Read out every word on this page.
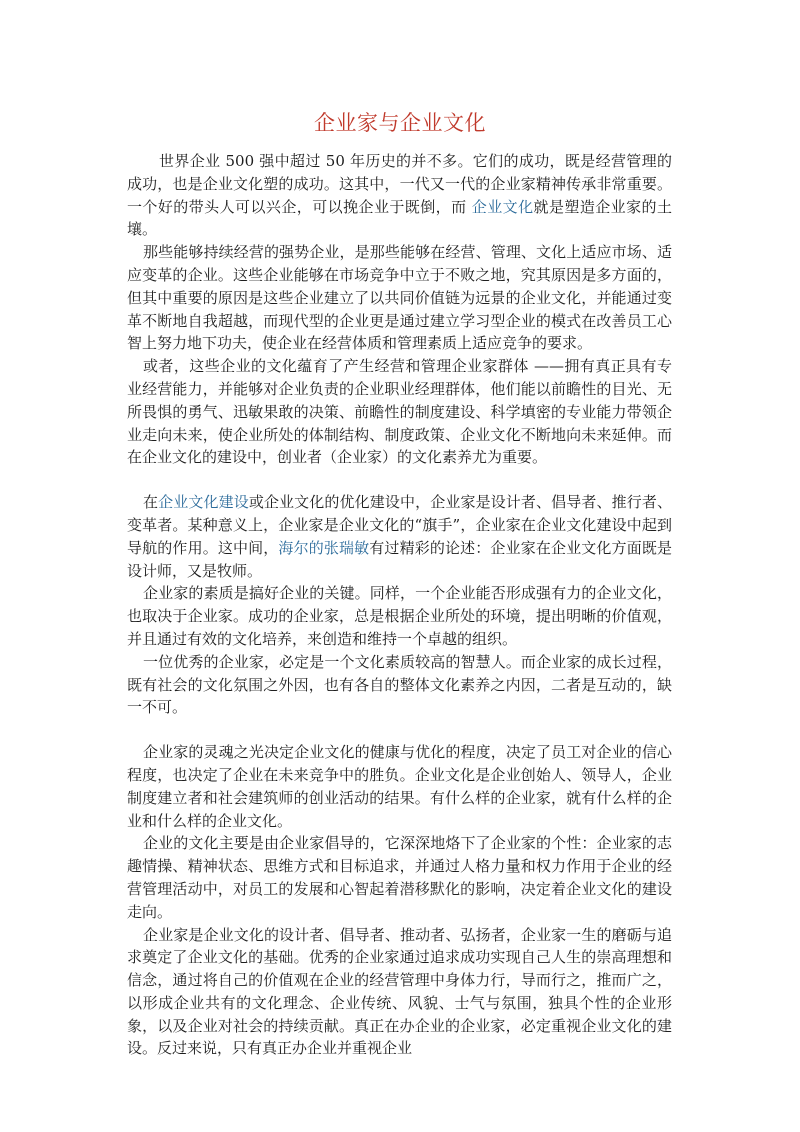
企业家与企业文化

世界企业 500 强中超过 50 年历史的并不多。它们的成功，既是经营管理的成功，也是企业文化塑的成功。这其中，一代又一代的企业家精神传承非常重要。一个好的带头人可以兴企，可以挽企业于既倒，而 企业文化就是塑造企业家的土壤。

那些能够持续经营的强势企业，是那些能够在经营、管理、文化上适应市场、适应变革的企业。这些企业能够在市场竞争中立于不败之地，究其原因是多方面的，但其中重要的原因是这些企业建立了以共同价值链为远景的企业文化，并能通过变革不断地自我超越，而现代型的企业更是通过建立学习型企业的模式在改善员工心智上努力地下功夫，使企业在经营体质和管理素质上适应竞争的要求。

或者，这些企业的文化蕴育了产生经营和管理企业家群体 ——拥有真正具有专业经营能力，并能够对企业负责的企业职业经理群体，他们能以前瞻性的目光、无所畏惧的勇气、迅敏果敢的决策、前瞻性的制度建设、科学填密的专业能力带领企业走向未来，使企业所处的体制结构、制度政策、企业文化不断地向未来延伸。而在企业文化的建设中，创业者（企业家）的文化素养尤为重要。

在企业文化建设或企业文化的优化建设中，企业家是设计者、倡导者、推行者、变革者。某种意义上，企业家是企业文化的“旗手”，企业家在企业文化建设中起到导航的作用。这中间，海尔的张瑞敏有过精彩的论述：企业家在企业文化方面既是设计师，又是牧师。

企业家的素质是搞好企业的关键。同样，一个企业能否形成强有力的企业文化，也取决于企业家。成功的企业家，总是根据企业所处的环境，提出明晰的价值观，并且通过有效的文化培养，来创造和维持一个卓越的组织。

一位优秀的企业家，必定是一个文化素质较高的智慧人。而企业家的成长过程，既有社会的文化氛围之外因，也有各自的整体文化素养之内因，二者是互动的，缺一不可。

企业家的灵魂之光决定企业文化的健康与优化的程度，决定了员工对企业的信心程度，也决定了企业在未来竞争中的胜负。企业文化是企业创始人、领导人，企业制度建立者和社会建筑师的创业活动的结果。有什么样的企业家，就有什么样的企业和什么样的企业文化。

企业的文化主要是由企业家倡导的，它深深地烙下了企业家的个性：企业家的志趣情操、精神状态、思维方式和目标追求，并通过人格力量和权力作用于企业的经营管理活动中，对员工的发展和心智起着潜移默化的影响，决定着企业文化的建设走向。

企业家是企业文化的设计者、倡导者、推动者、弘扬者，企业家一生的磨砺与追求奠定了企业文化的基础。优秀的企业家通过追求成功实现自己人生的崇高理想和信念，通过将自己的价值观在企业的经营管理中身体力行，导而行之，推而广之，以形成企业共有的文化理念、企业传统、风貌、士气与氛围，独具个性的企业形象，以及企业对社会的持续贡献。真正在办企业的企业家，必定重视企业文化的建设。反过来说，只有真正办企业并重视企业
